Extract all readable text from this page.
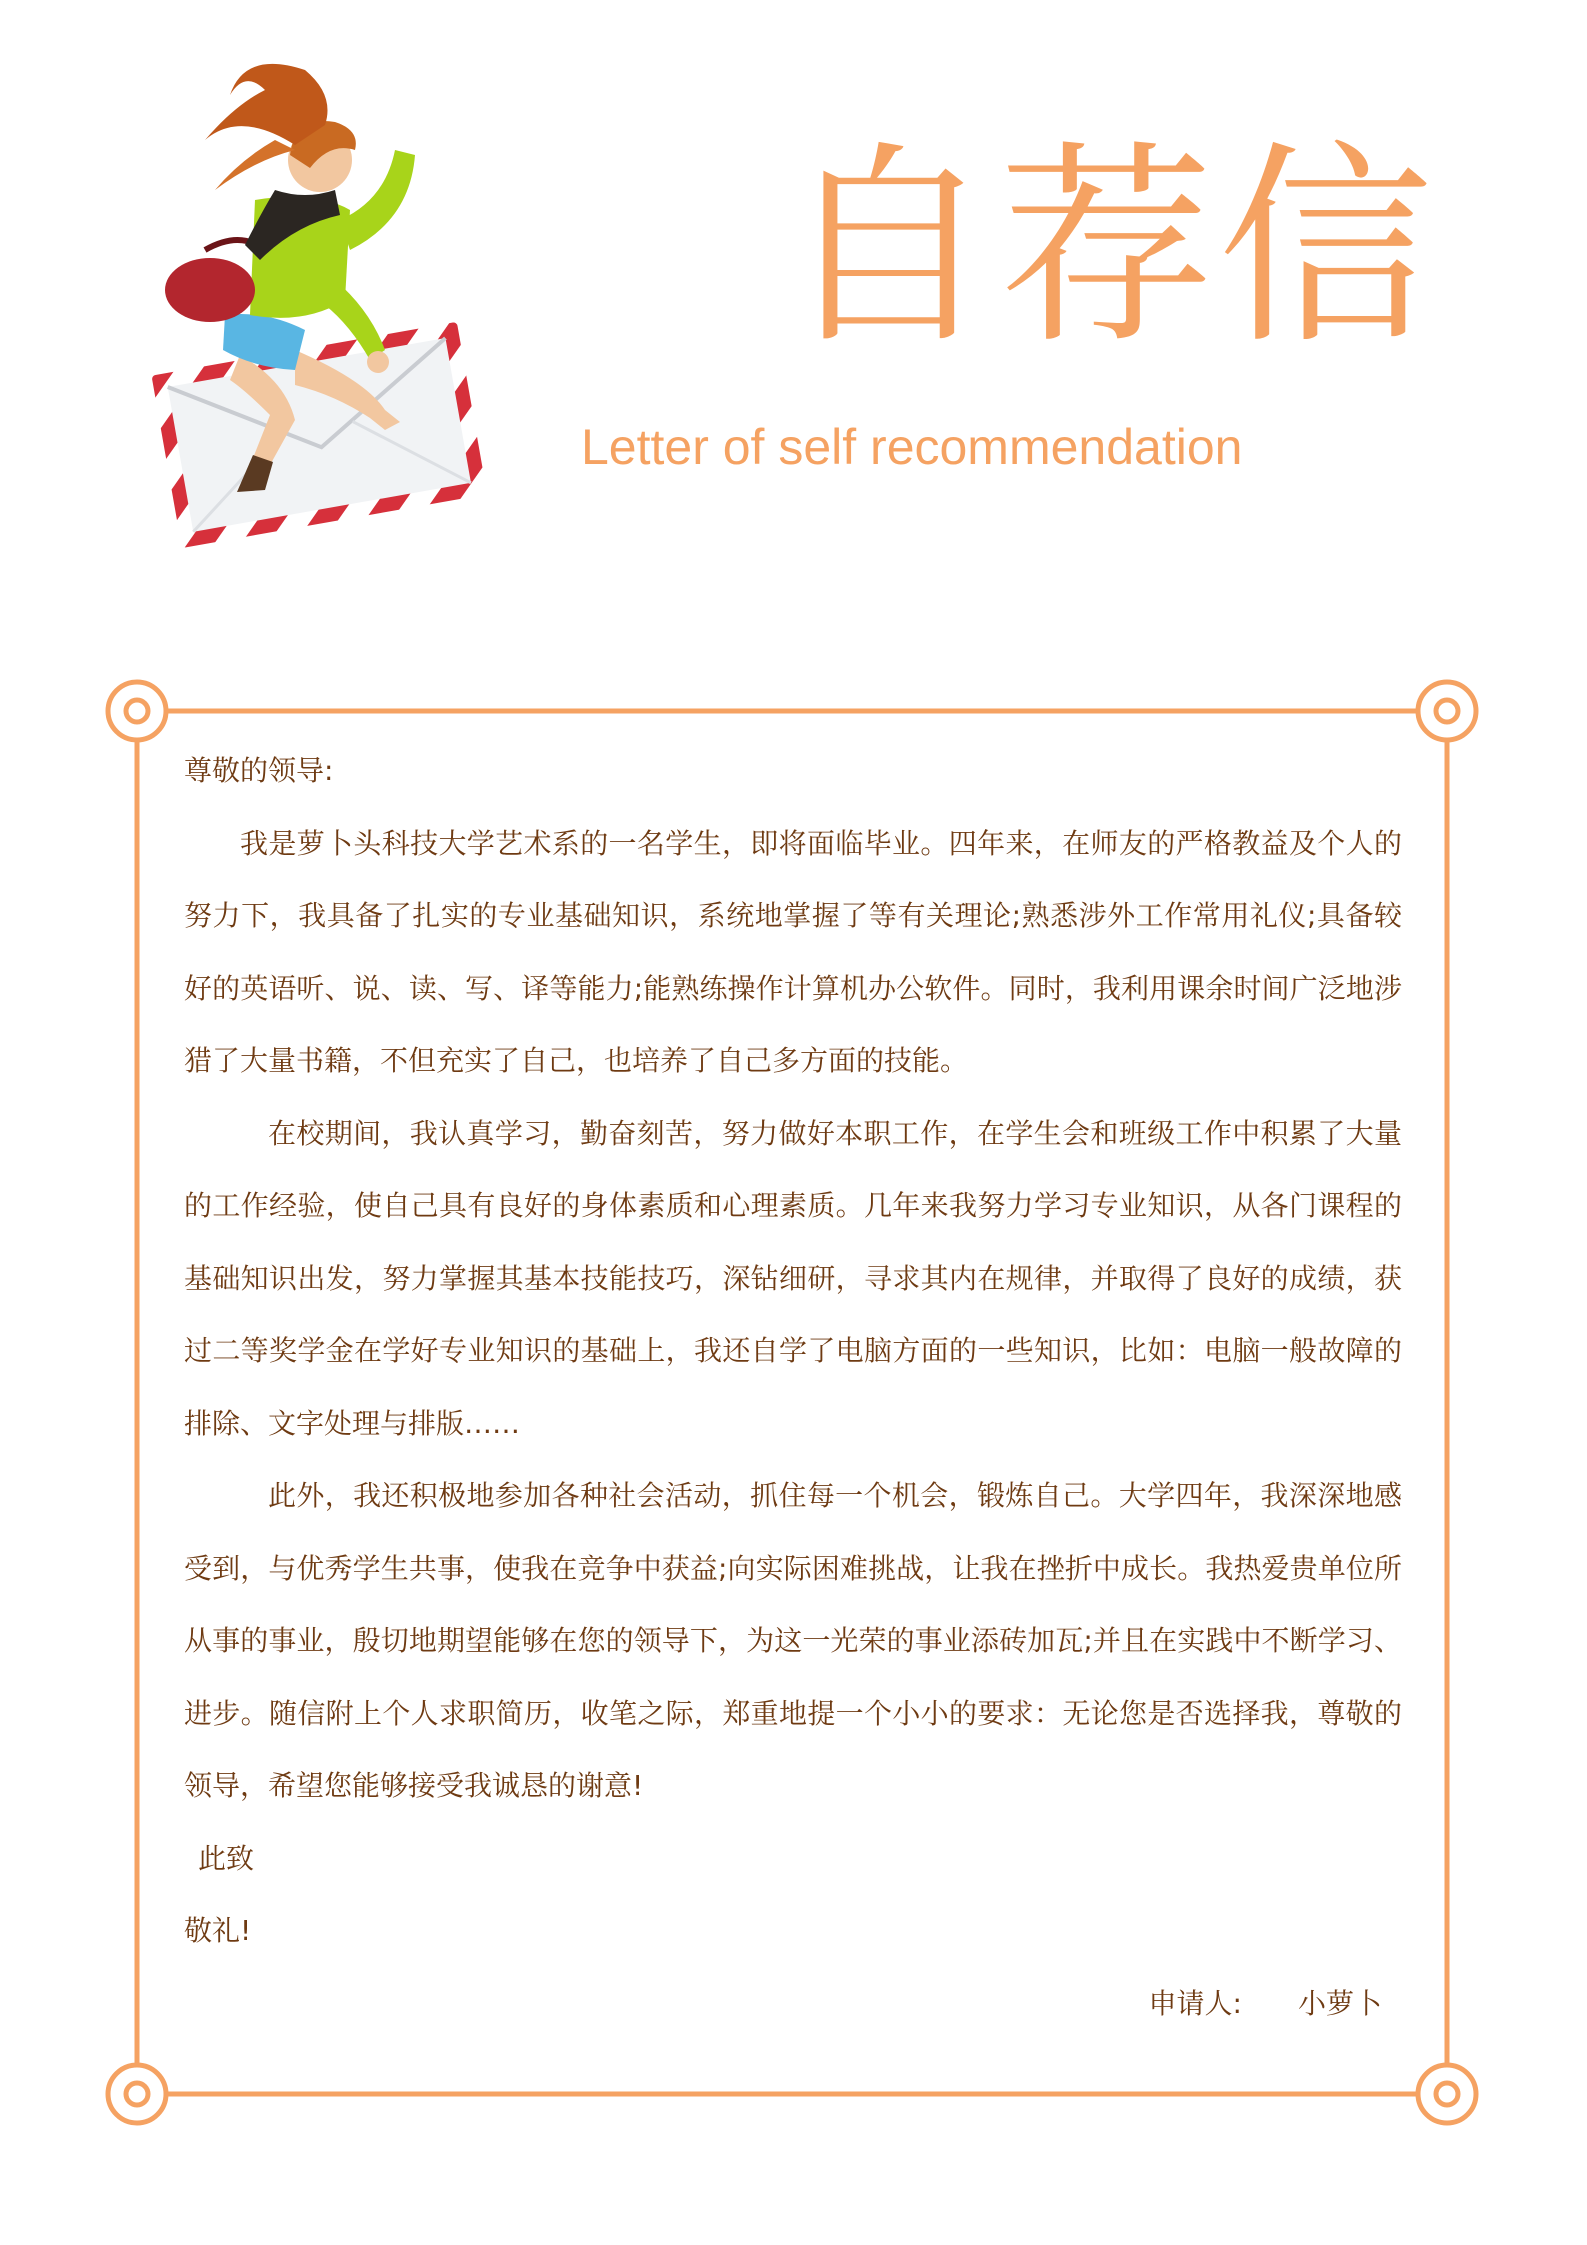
自荐信
Letter of self recommendation

尊敬的领导:

我是萝卜头科技大学艺术系的一名学生，即将面临毕业。四年来，在师友的严格教益及个人的努力下，我具备了扎实的专业基础知识，系统地掌握了等有关理论;熟悉涉外工作常用礼仪;具备较好的英语听、说、读、写、译等能力;能熟练操作计算机办公软件。同时，我利用课余时间广泛地涉猎了大量书籍，不但充实了自己，也培养了自己多方面的技能。

在校期间，我认真学习，勤奋刻苦，努力做好本职工作，在学生会和班级工作中积累了大量的工作经验，使自己具有良好的身体素质和心理素质。几年来我努力学习专业知识，从各门课程的基础知识出发，努力掌握其基本技能技巧，深钻细研，寻求其内在规律，并取得了良好的成绩，获过二等奖学金在学好专业知识的基础上，我还自学了电脑方面的一些知识，比如：电脑一般故障的排除、文字处理与排版……

此外，我还积极地参加各种社会活动，抓住每一个机会，锻炼自己。大学四年，我深深地感受到，与优秀学生共事，使我在竞争中获益;向实际困难挑战，让我在挫折中成长。我热爱贵单位所从事的事业，殷切地期望能够在您的领导下，为这一光荣的事业添砖加瓦;并且在实践中不断学习、进步。随信附上个人求职简历，收笔之际，郑重地提一个小小的要求：无论您是否选择我，尊敬的领导，希望您能够接受我诚恳的谢意!

此致

敬礼!

申请人: 小萝卜
